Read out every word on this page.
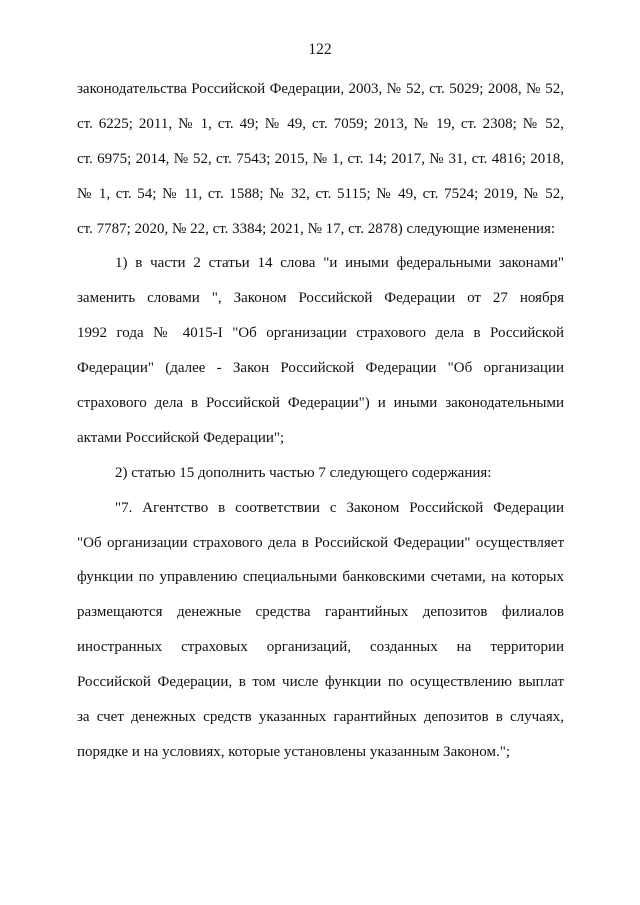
122
законодательства Российской Федерации, 2003, № 52, ст. 5029; 2008, № 52,
ст. 6225; 2011, № 1, ст. 49; № 49, ст. 7059; 2013, № 19, ст. 2308; № 52,
ст. 6975; 2014, № 52, ст. 7543; 2015, № 1, ст. 14; 2017, № 31, ст. 4816; 2018,
№ 1, ст. 54; № 11, ст. 1588; № 32, ст. 5115; № 49, ст. 7524; 2019, № 52,
ст. 7787; 2020, № 22, ст. 3384; 2021, № 17, ст. 2878) следующие изменения:
1) в части 2 статьи 14 слова "и иными федеральными законами"
заменить словами ", Законом Российской Федерации от 27 ноября
1992 года № 4015-I "Об организации страхового дела в Российской
Федерации" (далее - Закон Российской Федерации "Об организации
страхового дела в Российской Федерации") и иными законодательными
актами Российской Федерации";
2) статью 15 дополнить частью 7 следующего содержания:
"7. Агентство в соответствии с Законом Российской Федерации
"Об организации страхового дела в Российской Федерации" осуществляет
функции по управлению специальными банковскими счетами, на которых
размещаются денежные средства гарантийных депозитов филиалов
иностранных страховых организаций, созданных на территории
Российской Федерации, в том числе функции по осуществлению выплат
за счет денежных средств указанных гарантийных депозитов в случаях,
порядке и на условиях, которые установлены указанным Законом.";
